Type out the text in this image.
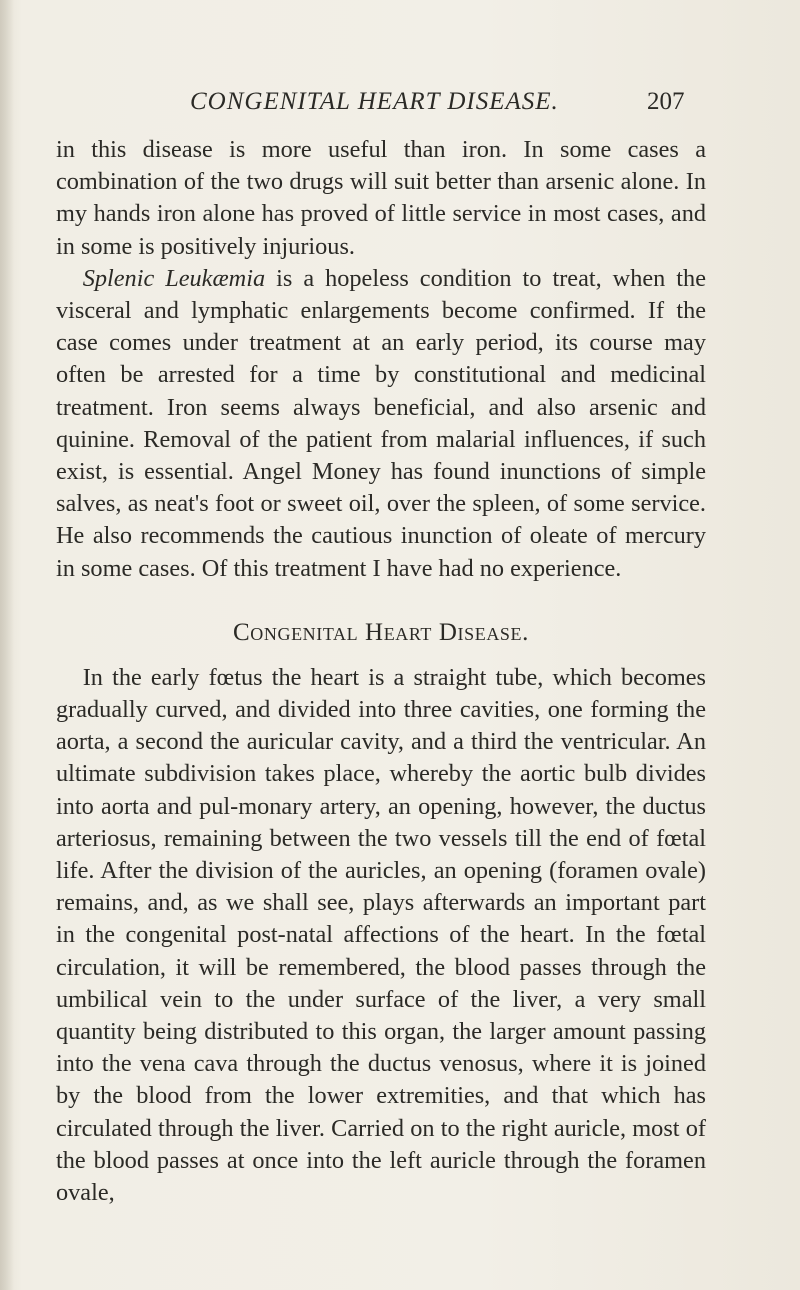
CONGENITAL HEART DISEASE.	207

in this disease is more useful than iron. In some cases a combination of the two drugs will suit better than arsenic alone. In my hands iron alone has proved of little service in most cases, and in some is positively injurious.

Splenic Leukæmia is a hopeless condition to treat, when the visceral and lymphatic enlargements become confirmed. If the case comes under treatment at an early period, its course may often be arrested for a time by constitutional and medicinal treatment. Iron seems always beneficial, and also arsenic and quinine. Removal of the patient from malarial influences, if such exist, is essential. Angel Money has found inunctions of simple salves, as neat's foot or sweet oil, over the spleen, of some service. He also recommends the cautious inunction of oleate of mercury in some cases. Of this treatment I have had no experience.

Congenital Heart Disease.

In the early fœtus the heart is a straight tube, which becomes gradually curved, and divided into three cavities, one forming the aorta, a second the auricular cavity, and a third the ventricular. An ultimate subdivision takes place, whereby the aortic bulb divides into aorta and pul-monary artery, an opening, however, the ductus arteriosus, remaining between the two vessels till the end of fœtal life. After the division of the auricles, an opening (foramen ovale) remains, and, as we shall see, plays afterwards an important part in the congenital post-natal affections of the heart. In the fœtal circulation, it will be remembered, the blood passes through the umbilical vein to the under surface of the liver, a very small quantity being distributed to this organ, the larger amount passing into the vena cava through the ductus venosus, where it is joined by the blood from the lower extremities, and that which has circulated through the liver. Carried on to the right auricle, most of the blood passes at once into the left auricle through the foramen ovale,
